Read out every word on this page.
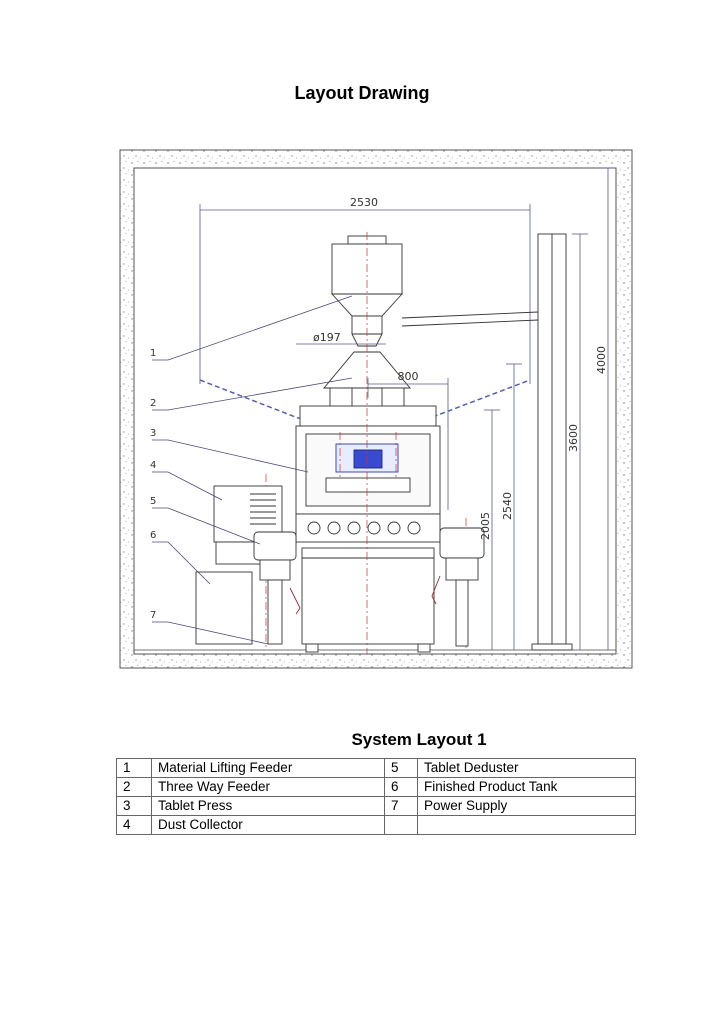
Layout Drawing
2530
ø197
800
2005
2540
3600
4000
1
2
3
4
5
6
7
System Layout 1
1	Material Lifting Feeder	5	Tablet Deduster
2	Three Way Feeder	6	Finished Product Tank
3	Tablet Press	7	Power Supply
4	Dust Collector		
